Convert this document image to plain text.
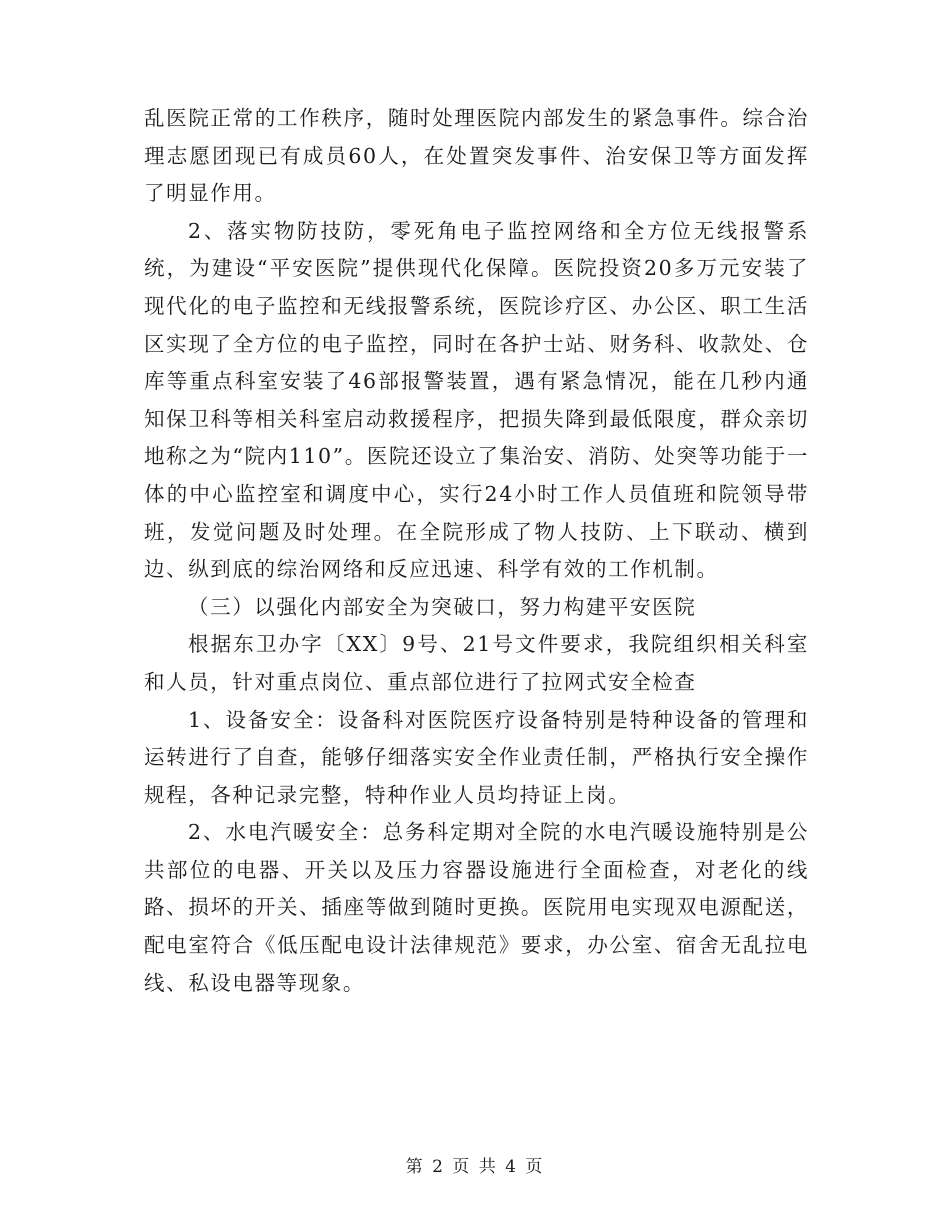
乱医院正常的工作秩序，随时处理医院内部发生的紧急事件。综合治理志愿团现已有成员60人，在处置突发事件、治安保卫等方面发挥了明显作用。

2、落实物防技防，零死角电子监控网络和全方位无线报警系统，为建设“平安医院”提供现代化保障。医院投资20多万元安装了现代化的电子监控和无线报警系统，医院诊疗区、办公区、职工生活区实现了全方位的电子监控，同时在各护士站、财务科、收款处、仓库等重点科室安装了46部报警装置，遇有紧急情况，能在几秒内通知保卫科等相关科室启动救援程序，把损失降到最低限度，群众亲切地称之为“院内110”。医院还设立了集治安、消防、处突等功能于一体的中心监控室和调度中心，实行24小时工作人员值班和院领导带班，发觉问题及时处理。在全院形成了物人技防、上下联动、横到边、纵到底的综治网络和反应迅速、科学有效的工作机制。

（三）以强化内部安全为突破口，努力构建平安医院

根据东卫办字〔XX〕9号、21号文件要求，我院组织相关科室和人员，针对重点岗位、重点部位进行了拉网式安全检查

1、设备安全：设备科对医院医疗设备特别是特种设备的管理和运转进行了自查，能够仔细落实安全作业责任制，严格执行安全操作规程，各种记录完整，特种作业人员均持证上岗。

2、水电汽暖安全：总务科定期对全院的水电汽暖设施特别是公共部位的电器、开关以及压力容器设施进行全面检查，对老化的线路、损坏的开关、插座等做到随时更换。医院用电实现双电源配送，配电室符合《低压配电设计法律规范》要求，办公室、宿舍无乱拉电线、私设电器等现象。

第 2 页 共 4 页
